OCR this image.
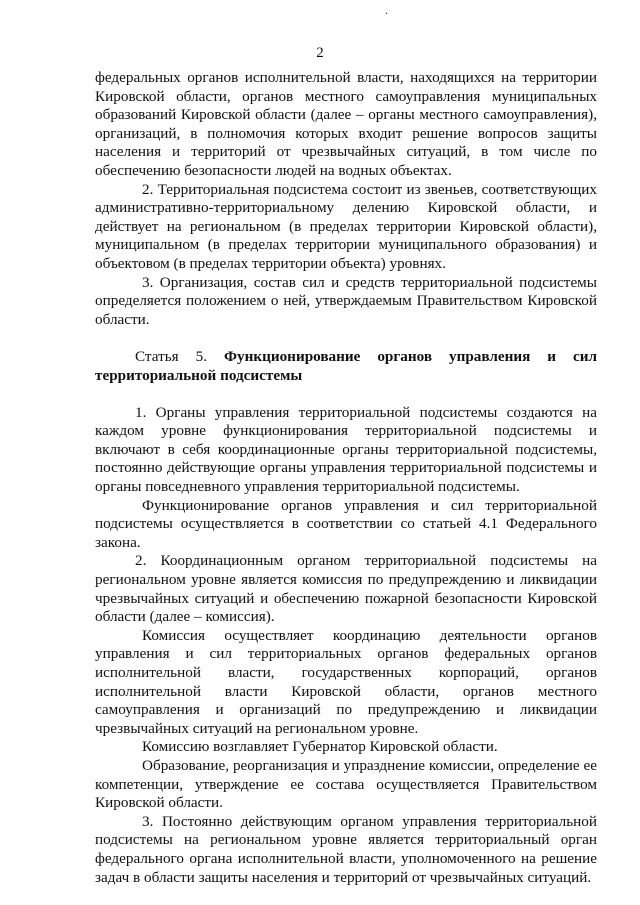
.
2

федеральных органов исполнительной власти, находящихся на территории Кировской области, органов местного самоуправления муниципальных образований Кировской области (далее – органы местного самоуправления), организаций, в полномочия которых входит решение вопросов защиты населения и территорий от чрезвычайных ситуаций, в том числе по обеспечению безопасности людей на водных объектах.

2. Территориальная подсистема состоит из звеньев, соответствующих административно-территориальному делению Кировской области, и действует на региональном (в пределах территории Кировской области), муниципальном (в пределах территории муниципального образования) и объектовом (в пределах территории объекта) уровнях.

3. Организация, состав сил и средств территориальной подсистемы определяется положением о ней, утверждаемым Правительством Кировской области.

Статья 5. Функционирование органов управления и сил территориальной подсистемы

1. Органы управления территориальной подсистемы создаются на каждом уровне функционирования территориальной подсистемы и включают в себя координационные органы территориальной подсистемы, постоянно действующие органы управления территориальной подсистемы и органы повседневного управления территориальной подсистемы.

Функционирование органов управления и сил территориальной подсистемы осуществляется в соответствии со статьей 4.1 Федерального закона.

2. Координационным органом территориальной подсистемы на региональном уровне является комиссия по предупреждению и ликвидации чрезвычайных ситуаций и обеспечению пожарной безопасности Кировской области (далее – комиссия).

Комиссия осуществляет координацию деятельности органов управления и сил территориальных органов федеральных органов исполнительной власти, государственных корпораций, органов исполнительной власти Кировской области, органов местного самоуправления и организаций по предупреждению и ликвидации чрезвычайных ситуаций на региональном уровне.

Комиссию возглавляет Губернатор Кировской области.

Образование, реорганизация и упразднение комиссии, определение ее компетенции, утверждение ее состава осуществляется Правительством Кировской области.

3. Постоянно действующим органом управления территориальной подсистемы на региональном уровне является территориальный орган федерального органа исполнительной власти, уполномоченного на решение задач в области защиты населения и территорий от чрезвычайных ситуаций.
